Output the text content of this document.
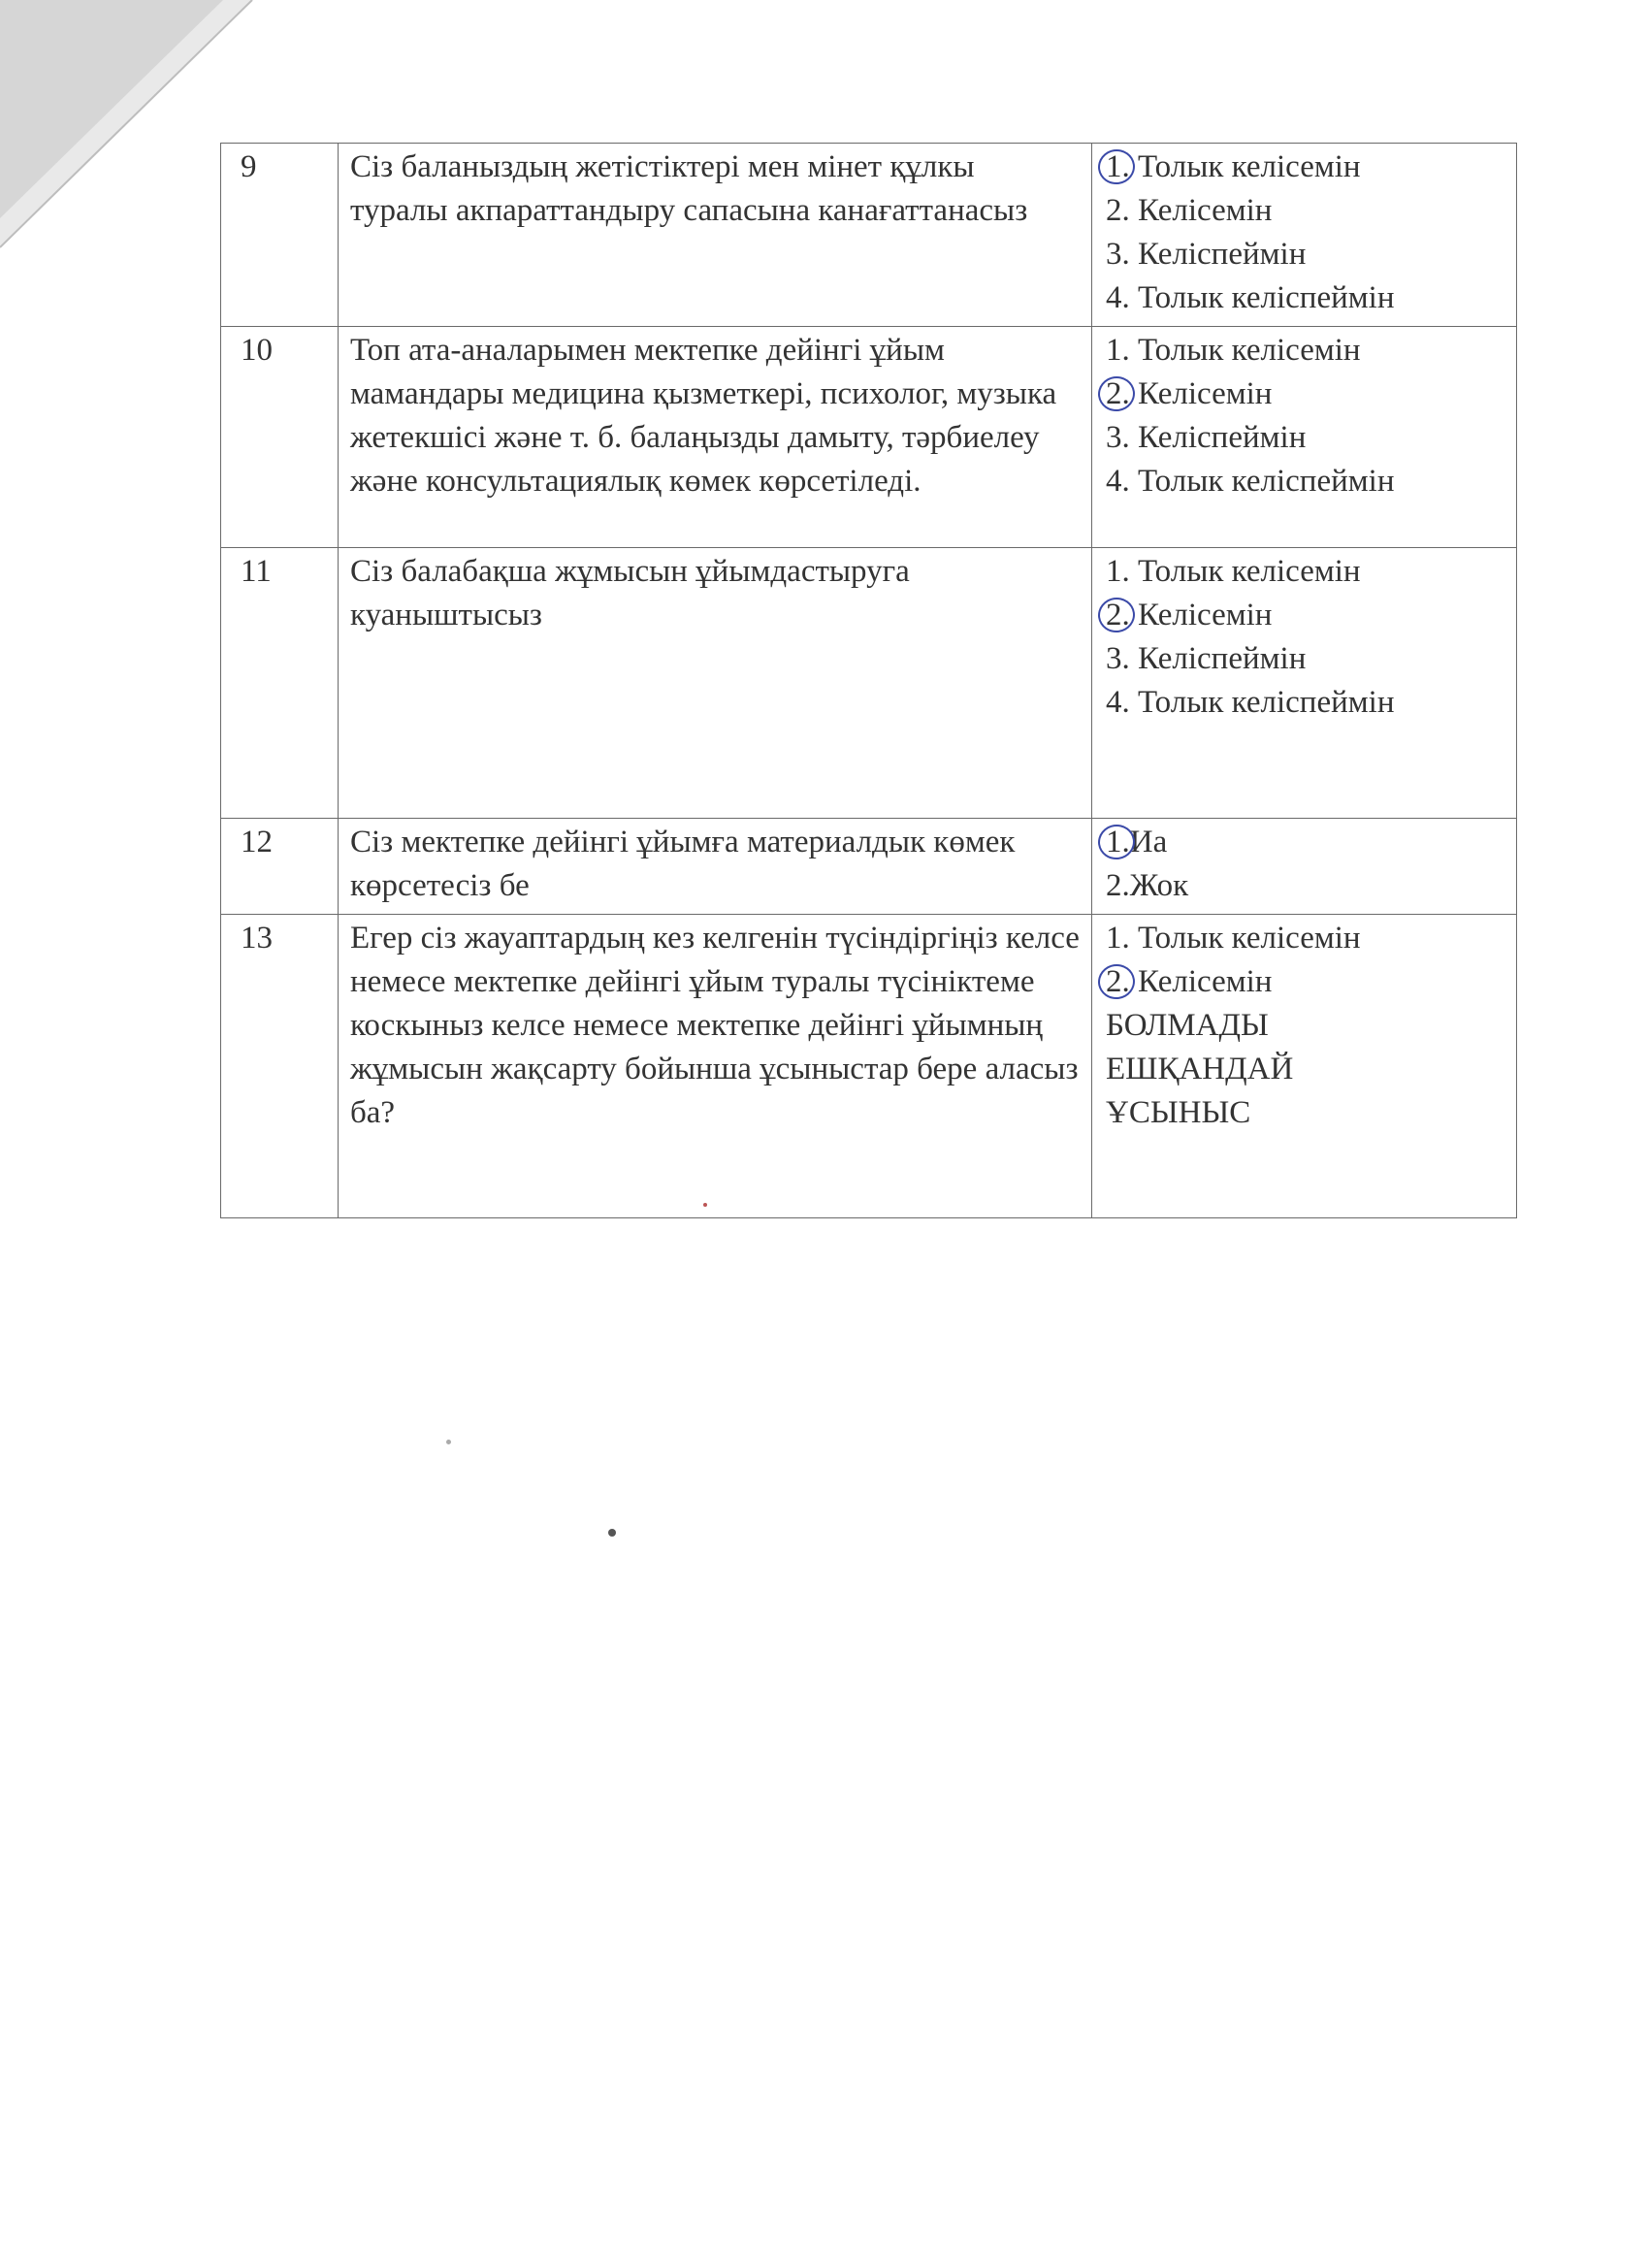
9	Сіз баланыздың жетістіктері мен мінет құлкы туралы акпараттандыру сапасына канағаттанасыз	1. Толык келісемін
2. Келісемін
3. Келіспеймін
4. Толык келіспеймін

10	Топ ата-аналарымен мектепке дейінгі ұйым мамандары медицина қызметкері, психолог, музыка жетекшісі және т. б. балаңызды дамыту, тәрбиелеу және консультациялық көмек көрсетіледі.	1. Толык келісемін
2. Келісемін
3. Келіспеймін
4. Толык келіспеймін

11	Сіз балабақша жұмысын ұйымдастыруга куаныштысыз	1. Толык келісемін
2. Келісемін
3. Келіспеймін
4. Толык келіспеймін

12	Сіз мектепке дейінгі ұйымға материалдык көмек көрсетесіз бе	1.Иа
2.Жок

13	Егер сіз жауаптардың кез келгенін түсіндіргіңіз келсе немесе мектепке дейінгі ұйым туралы түсініктеме коскыныз келсе немесе мектепке дейінгі ұйымның жұмысын жақсарту бойынша ұсыныстар бере аласыз ба?	1. Толык келісемін
2. Келісемін
БОЛМАДЫ
ЕШҚАНДАЙ
ҰСЫНЫС
